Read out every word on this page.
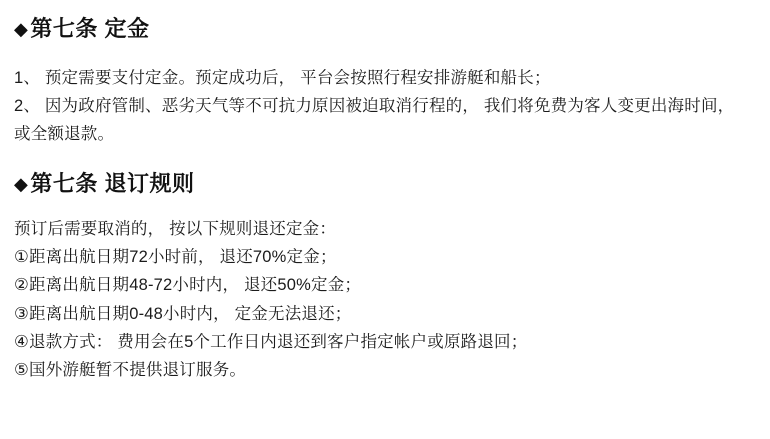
◆ 第七条 定金

1、 预定需要支付定金。预定成功后， 平台会按照行程安排游艇和船长；

2、 因为政府管制、恶劣天气等不可抗力原因被迫取消行程的， 我们将免费为客人变更出海时间， 或全额退款。

◆ 第七条 退订规则

预订后需要取消的， 按以下规则退还定金：

①距离出航日期72小时前， 退还70%定金；
②距离出航日期48-72小时内， 退还50%定金；
③距离出航日期0-48小时内， 定金无法退还；
④退款方式： 费用会在5个工作日内退还到客户指定帐户或原路退回；
⑤国外游艇暂不提供退订服务。
